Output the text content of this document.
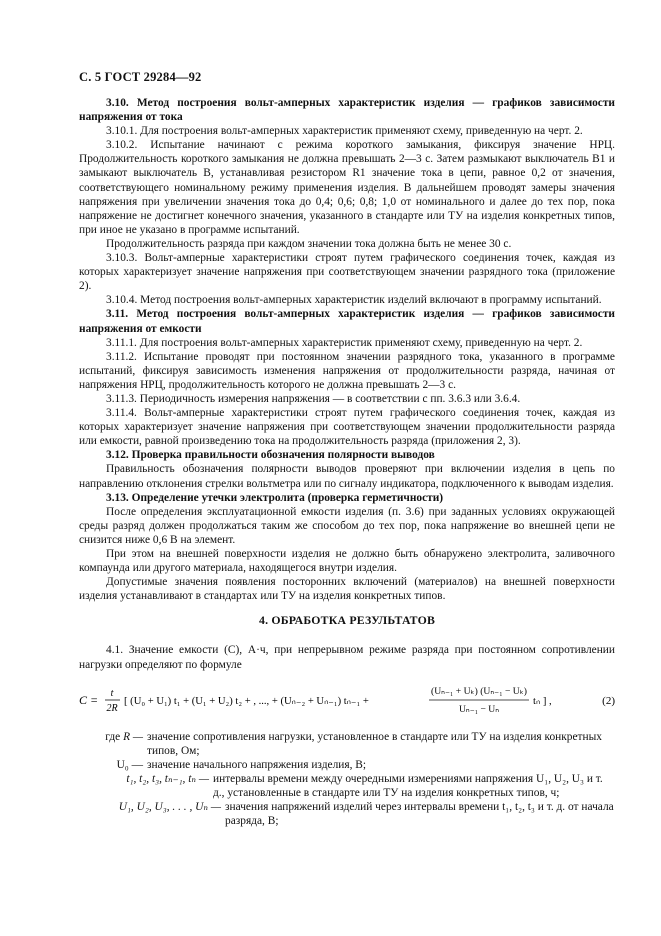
С. 5 ГОСТ 29284—92

3.10. Метод построения вольт-амперных характеристик изделия — графиков зависимости напряжения от тока

3.10.1. Для построения вольт-амперных характеристик применяют схему, приведенную на черт. 2.

3.10.2. Испытание начинают с режима короткого замыкания, фиксируя значение НРЦ. Продолжительность короткого замыкания не должна превышать 2—3 с. Затем размыкают выключатель B1 и замыкают выключатель B, устанавливая резистором R1 значение тока в цепи, равное 0,2 от значения, соответствующего номинальному режиму применения изделия. В дальнейшем проводят замеры значения напряжения при увеличении значения тока до 0,4; 0,6; 0,8; 1,0 от номинального и далее до тех пор, пока напряжение не достигнет конечного значения, указанного в стандарте или ТУ на изделия конкретных типов, при иное не указано в программе испытаний.

Продолжительность разряда при каждом значении тока должна быть не менее 30 с.

3.10.3. Вольт-амперные характеристики строят путем графического соединения точек, каждая из которых характеризует значение напряжения при соответствующем значении разрядного тока (приложение 2).

3.10.4. Метод построения вольт-амперных характеристик изделий включают в программу испытаний.

3.11. Метод построения вольт-амперных характеристик изделия — графиков зависимости напряжения от емкости

3.11.1. Для построения вольт-амперных характеристик применяют схему, приведенную на черт. 2.

3.11.2. Испытание проводят при постоянном значении разрядного тока, указанного в программе испытаний, фиксируя зависимость изменения напряжения от продолжительности разряда, начиная от напряжения НРЦ, продолжительность которого не должна превышать 2—3 с.

3.11.3. Периодичность измерения напряжения — в соответствии с пп. 3.6.3 или 3.6.4.

3.11.4. Вольт-амперные характеристики строят путем графического соединения точек, каждая из которых характеризует значение напряжения при соответствующем значении продолжительности разряда или емкости, равной произведению тока на продолжительность разряда (приложения 2, 3).

3.12. Проверка правильности обозначения полярности выводов

Правильность обозначения полярности выводов проверяют при включении изделия в цепь по направлению отклонения стрелки вольтметра или по сигналу индикатора, подключенного к выводам изделия.

3.13. Определение утечки электролита (проверка герметичности)

После определения эксплуатационной емкости изделия (п. 3.6) при заданных условиях окружающей среды разряд должен продолжаться таким же способом до тех пор, пока напряжение во внешней цепи не снизится ниже 0,6 В на элемент.

При этом на внешней поверхности изделия не должно быть обнаружено электролита, заливочного компаунда или другого материала, находящегося внутри изделия.

Допустимые значения появления посторонних включений (материалов) на внешней поверхности изделия устанавливают в стандартах или ТУ на изделия конкретных типов.

4. ОБРАБОТКА РЕЗУЛЬТАТОВ

4.1. Значение емкости (C), А·ч, при непрерывном режиме разряда при постоянном сопротивлении нагрузки определяют по формуле

C = t
2R
[ (U₀ + U₁) t₁ + (U₁ + U₂) t₂ + , ..., + (Uₙ₋₂ + Uₙ₋₁) tₙ₋₁ +
(Uₙ₋₁ + Uₖ) (Uₙ₋₁ − Uₖ)
Uₙ₋₁ − Uₙ
tₙ ] ,	(2)
где R — значение сопротивления нагрузки, установленное в стандарте или ТУ на изделия конкретных типов, Ом;
U₀ — значение начального напряжения изделия, В;
t₁, t₂, t₃, tₙ₋₁, tₙ — интервалы времени между очередными измерениями напряжения U₁, U₂, U₃ и т. д., установленные в стандарте или ТУ на изделия конкретных типов, ч;
U₁, U₂, U₃, . . . , Uₙ — значения напряжений изделий через интервалы времени t₁, t₂, t₃ и т. д. от начала разряда, В;
